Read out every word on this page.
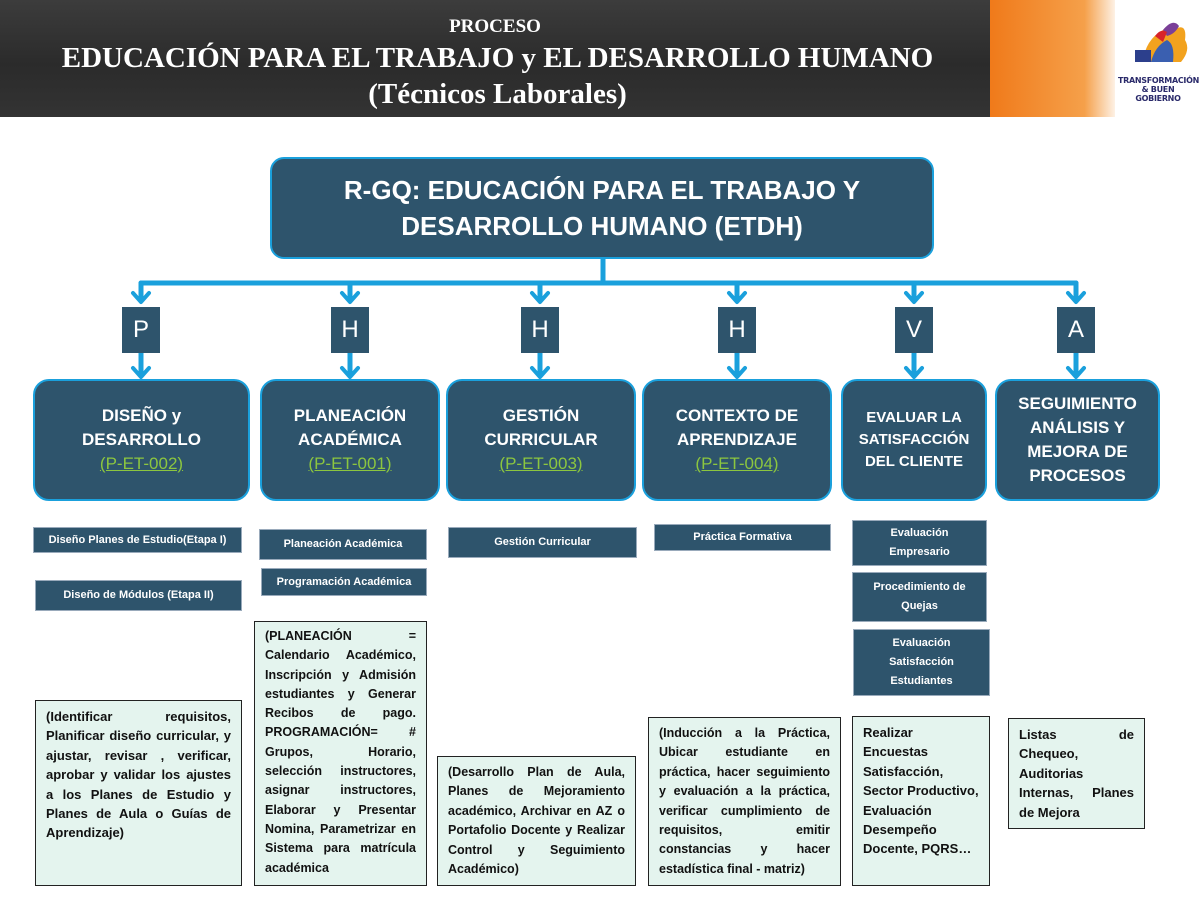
TRANSFORMACIÓN
& BUEN GOBIERNO
PROCESO
EDUCACIÓN PARA EL TRABAJO y EL DESARROLLO HUMANO
(Técnicos Laborales)
R-GQ: EDUCACIÓN PARA EL TRABAJO Y
DESARROLLO HUMANO (ETDH)
P	H	H	H	V	A
DISEÑO y
DESARROLLO
(P-ET-002)
PLANEACIÓN
ACADÉMICA
(P-ET-001)
GESTIÓN
CURRICULAR
(P-ET-003)
CONTEXTO DE
APRENDIZAJE
(P-ET-004)
EVALUAR LA
SATISFACCIÓN
DEL CLIENTE
SEGUIMIENTO
ANÁLISIS Y
MEJORA DE
PROCESOS
Diseño Planes de Estudio(Etapa I)
Diseño de Módulos (Etapa II)
Planeación Académica
Programación Académica
Gestión Curricular	Práctica Formativa	Evaluación
Empresario
Procedimiento de
Quejas
Evaluación
Satisfacción
Estudiantes
(Identificar requisitos, Planificar diseño curricular, y ajustar, revisar , verificar, aprobar y validar los ajustes a los Planes de Estudio y Planes de Aula o Guías de Aprendizaje)
(PLANEACIÓN = Calendario Académico, Inscripción y Admisión estudiantes y Generar Recibos de pago. PROGRAMACIÓN= # Grupos, Horario, selección instructores, asignar instructores, Elaborar y Presentar Nomina, Parametrizar en Sistema para matrícula académica
(Desarrollo Plan de Aula, Planes de Mejoramiento académico, Archivar en AZ o Portafolio Docente y Realizar Control y Seguimiento Académico)
(Inducción a la Práctica, Ubicar estudiante en práctica, hacer seguimiento y evaluación a la práctica, verificar cumplimiento de requisitos, emitir constancias y hacer estadística final - matriz)
Realizar Encuestas Satisfacción, Sector Productivo, Evaluación Desempeño Docente, PQRS…
Listas de Chequeo, Auditorias Internas, Planes de Mejora
